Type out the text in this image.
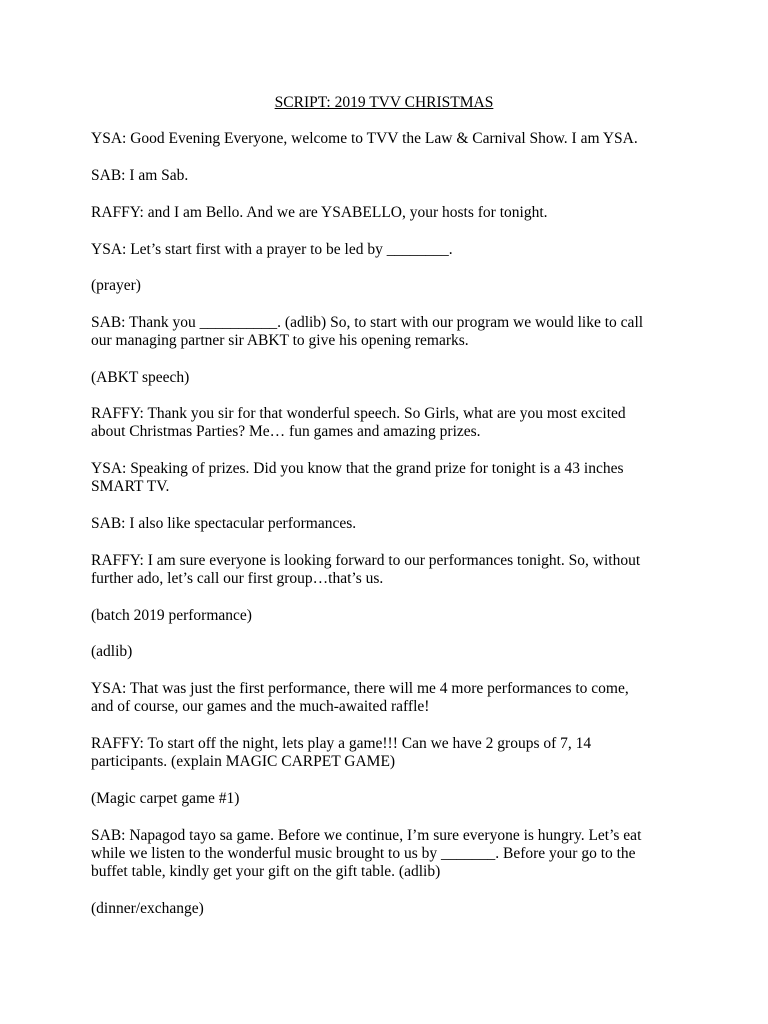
SCRIPT: 2019 TVV CHRISTMAS

YSA: Good Evening Everyone, welcome to TVV the Law & Carnival Show. I am YSA.

SAB: I am Sab.

RAFFY: and I am Bello. And we are YSABELLO, your hosts for tonight.

YSA: Let’s start first with a prayer to be led by ________.

(prayer)

SAB: Thank you __________. (adlib) So, to start with our program we would like to call
our managing partner sir ABKT to give his opening remarks.

(ABKT speech)

RAFFY: Thank you sir for that wonderful speech. So Girls, what are you most excited
about Christmas Parties? Me… fun games and amazing prizes.

YSA: Speaking of prizes. Did you know that the grand prize for tonight is a 43 inches
SMART TV.

SAB: I also like spectacular performances.

RAFFY: I am sure everyone is looking forward to our performances tonight. So, without
further ado, let’s call our first group…that’s us.

(batch 2019 performance)

(adlib)

YSA: That was just the first performance, there will me 4 more performances to come,
and of course, our games and the much-awaited raffle!

RAFFY: To start off the night, lets play a game!!! Can we have 2 groups of 7, 14
participants. (explain MAGIC CARPET GAME)

(Magic carpet game #1)

SAB: Napagod tayo sa game. Before we continue, I’m sure everyone is hungry. Let’s eat
while we listen to the wonderful music brought to us by _______. Before your go to the
buffet table, kindly get your gift on the gift table. (adlib)

(dinner/exchange)
